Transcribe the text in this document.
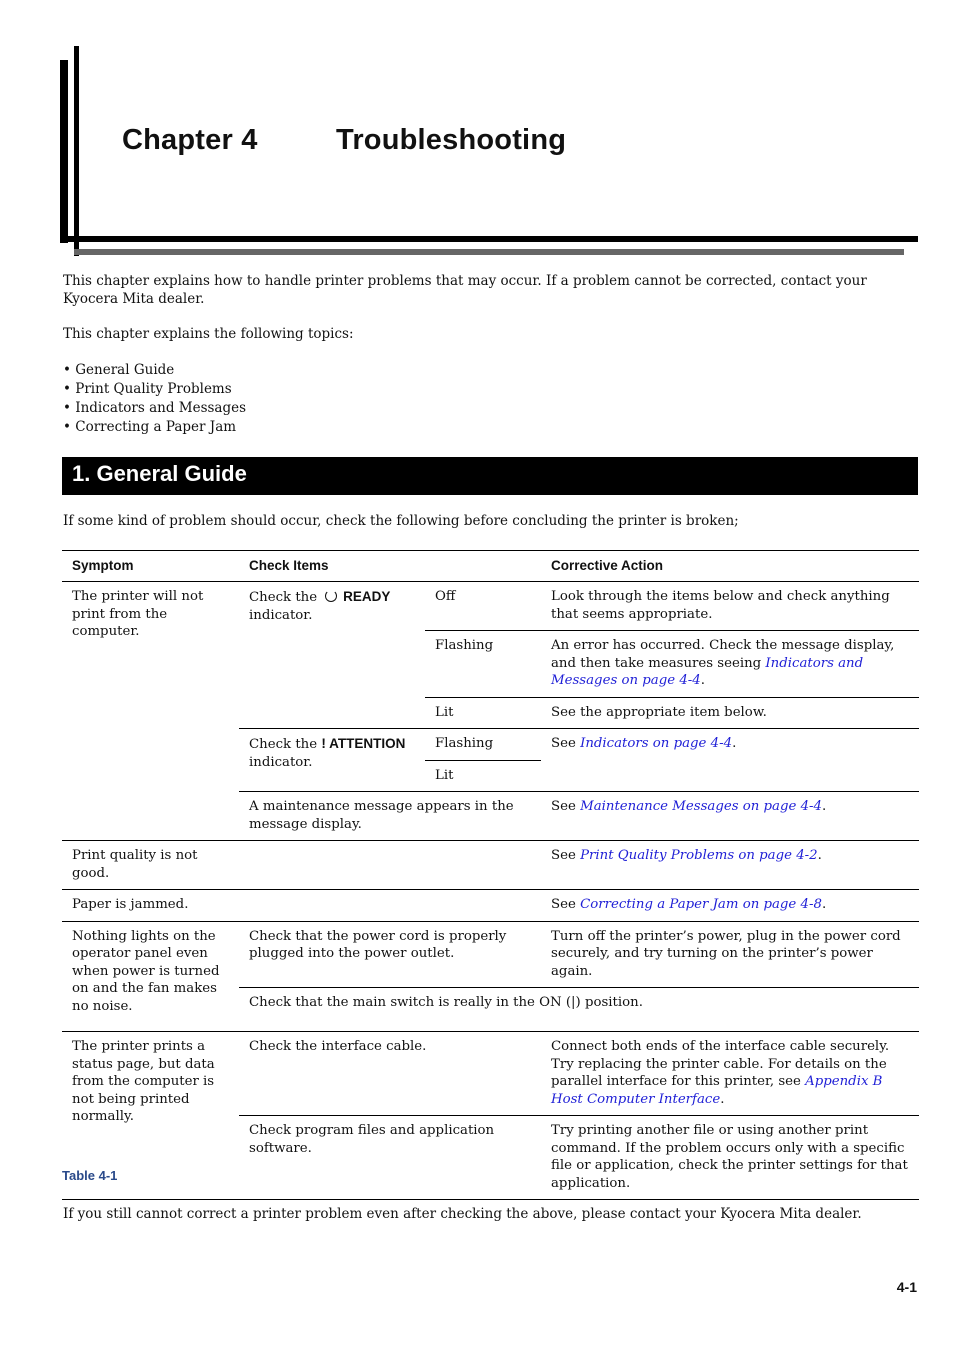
Chapter 4	Troubleshooting
This chapter explains how to handle printer problems that may occur. If a problem cannot be corrected, contact your Kyocera Mita dealer.
This chapter explains the following topics:
• General Guide
• Print Quality Problems
• Indicators and Messages
• Correcting a Paper Jam
1. General Guide
If some kind of problem should occur, check the following before concluding the printer is broken;
Symptom	Check Items		Corrective Action
The printer will not print from the computer.	Check the READY
indicator.	Off	Look through the items below and check anything that seems appropriate.
		Flashing	An error has occurred. Check the message display, and then take measures seeing Indicators and Messages on page 4-4.
		Lit	See the appropriate item below.
	Check the ! ATTENTION
indicator.	Flashing	See Indicators on page 4-4.
		Lit	
	A maintenance message appears in the message display.		See Maintenance Messages on page 4-4.
Print quality is not good.			See Print Quality Problems on page 4-2.
Paper is jammed.			See Correcting a Paper Jam on page 4-8.
Nothing lights on the operator panel even when power is turned on and the fan makes no noise.	Check that the power cord is properly plugged into the power outlet.		Turn off the printer’s power, plug in the power cord securely, and try turning on the printer’s power again.
	Check that the main switch is really in the ON (|) position.		
The printer prints a status page, but data from the computer is not being printed normally.	Check the interface cable.		Connect both ends of the interface cable securely. Try replacing the printer cable. For details on the parallel interface for this printer, see Appendix B Host Computer Interface.
	Check program files and application software.		Try printing another file or using another print command. If the problem occurs only with a specific file or application, check the printer settings for that application.
Table 4-1
If you still cannot correct a printer problem even after checking the above, please contact your Kyocera Mita dealer.
4-1
